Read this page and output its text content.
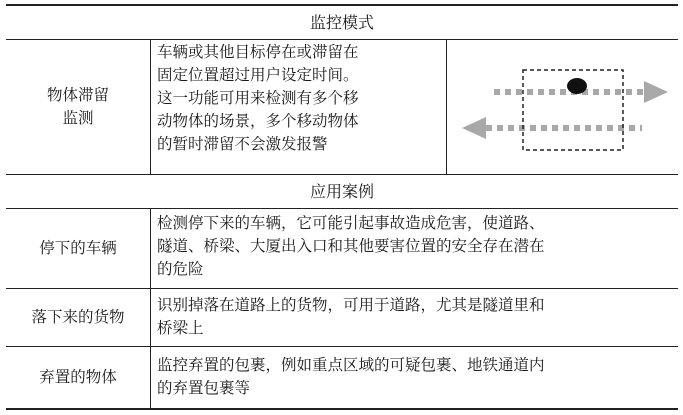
监控模式
物体滞留
监测
车辆或其他目标停在或滞留在
固定位置超过用户设定时间。
这一功能可用来检测有多个移
动物体的场景，多个移动物体
的暂时滞留不会激发报警
应用案例
停下的车辆
检测停下来的车辆，它可能引起事故造成危害，使道路、
隧道、桥梁、大厦出入口和其他要害位置的安全存在潜在
的危险
落下来的货物
识别掉落在道路上的货物，可用于道路，尤其是隧道里和
桥梁上
弃置的物体
监控弃置的包裹，例如重点区域的可疑包裹、地铁通道内
的弃置包裹等
